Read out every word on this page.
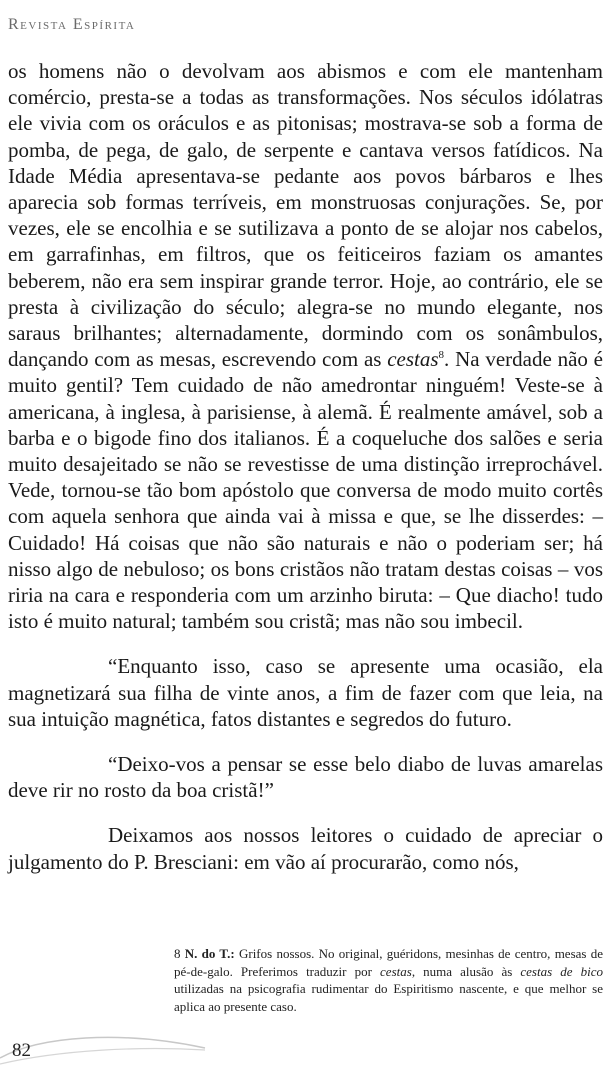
Revista Espírita

os homens não o devolvam aos abismos e com ele mantenham comércio, presta-se a todas as transformações. Nos séculos idólatras ele vivia com os oráculos e as pitonisas; mostrava-se sob a forma de pomba, de pega, de galo, de serpente e cantava versos fatídicos. Na Idade Média apresentava-se pedante aos povos bárbaros e lhes aparecia sob formas terríveis, em monstruosas conjurações. Se, por vezes, ele se encolhia e se sutilizava a ponto de se alojar nos cabelos, em garrafinhas, em filtros, que os feiticeiros faziam os amantes beberem, não era sem inspirar grande terror. Hoje, ao contrário, ele se presta à civilização do século; alegra-se no mundo elegante, nos saraus brilhantes; alternadamente, dormindo com os sonâmbulos, dançando com as mesas, escrevendo com as cestas$^8$. Na verdade não é muito gentil? Tem cuidado de não amedrontar ninguém! Veste-se à americana, à inglesa, à parisiense, à alemã. É realmente amável, sob a barba e o bigode fino dos italianos. É a coqueluche dos salões e seria muito desajeitado se não se revestisse de uma distinção irreprochável. Vede, tornou-se tão bom apóstolo que conversa de modo muito cortês com aquela senhora que ainda vai à missa e que, se lhe disserdes: – Cuidado! Há coisas que não são naturais e não o poderiam ser; há nisso algo de nebuloso; os bons cristãos não tratam destas coisas – vos riria na cara e responderia com um arzinho biruta: – Que diacho! tudo isto é muito natural; também sou cristã; mas não sou imbecil.

“Enquanto isso, caso se apresente uma ocasião, ela magnetizará sua filha de vinte anos, a fim de fazer com que leia, na sua intuição magnética, fatos distantes e segredos do futuro.

“Deixo-vos a pensar se esse belo diabo de luvas amarelas deve rir no rosto da boa cristã!”

Deixamos aos nossos leitores o cuidado de apreciar o julgamento do P. Bresciani: em vão aí procurarão, como nós,

8 N. do T.: Grifos nossos. No original, guéridons, mesinhas de centro, mesas de pé-de-galo. Preferimos traduzir por cestas, numa alusão às cestas de bico utilizadas na psicografia rudimentar do Espiritismo nascente, e que melhor se aplica ao presente caso.
82
